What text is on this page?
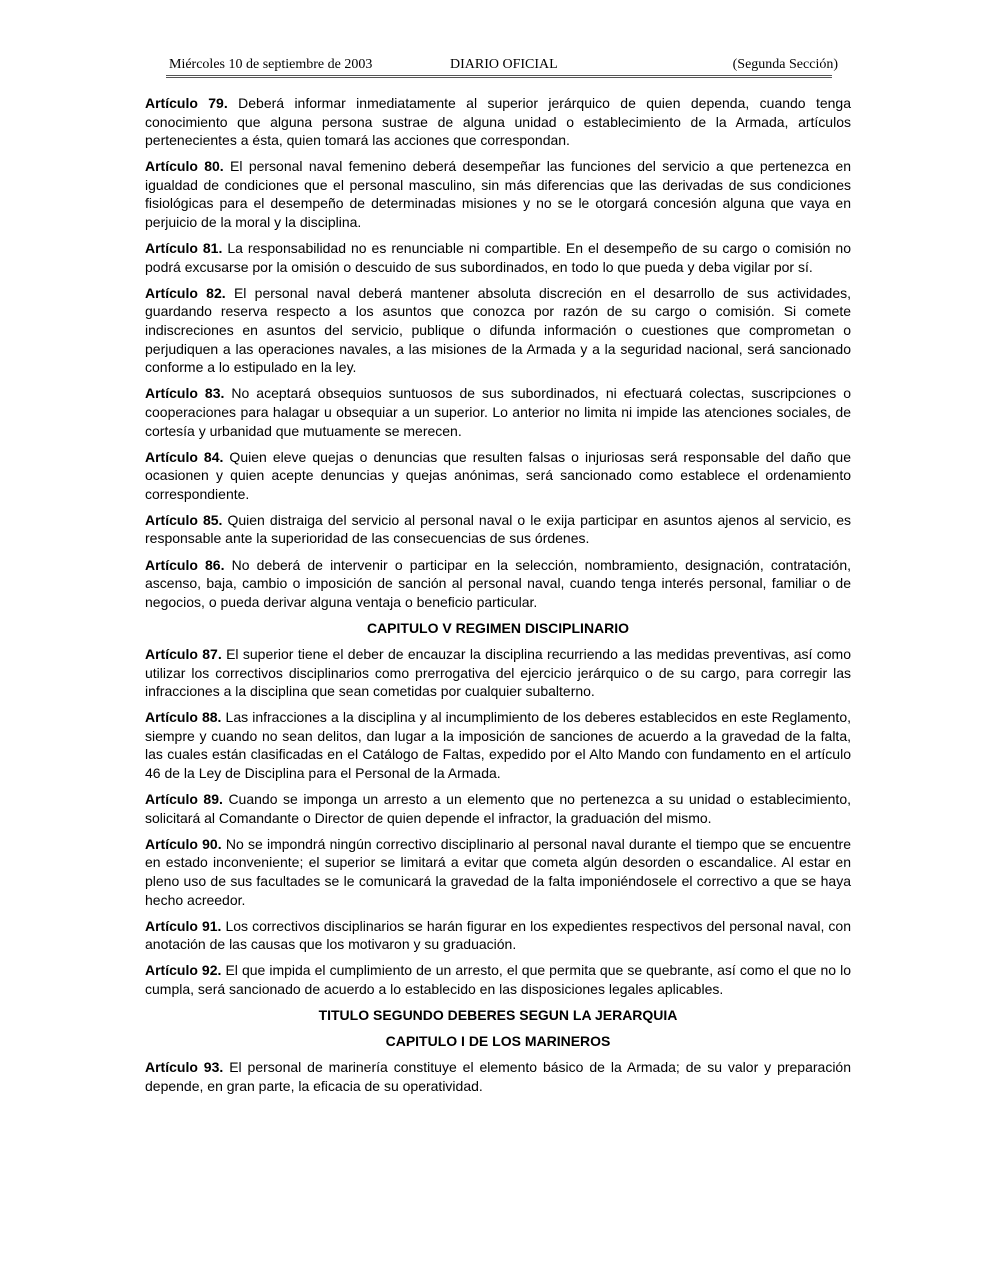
Miércoles 10 de septiembre de 2003	DIARIO OFICIAL	(Segunda Sección)

Artículo 79. Deberá informar inmediatamente al superior jerárquico de quien dependa, cuando tenga conocimiento que alguna persona sustrae de alguna unidad o establecimiento de la Armada, artículos pertenecientes a ésta, quien tomará las acciones que correspondan.

Artículo 80. El personal naval femenino deberá desempeñar las funciones del servicio a que pertenezca en igualdad de condiciones que el personal masculino, sin más diferencias que las derivadas de sus condiciones fisiológicas para el desempeño de determinadas misiones y no se le otorgará concesión alguna que vaya en perjuicio de la moral y la disciplina.

Artículo 81. La responsabilidad no es renunciable ni compartible. En el desempeño de su cargo o comisión no podrá excusarse por la omisión o descuido de sus subordinados, en todo lo que pueda y deba vigilar por sí.

Artículo 82. El personal naval deberá mantener absoluta discreción en el desarrollo de sus actividades, guardando reserva respecto a los asuntos que conozca por razón de su cargo o comisión. Si comete indiscreciones en asuntos del servicio, publique o difunda información o cuestiones que comprometan o perjudiquen a las operaciones navales, a las misiones de la Armada y a la seguridad nacional, será sancionado conforme a lo estipulado en la ley.

Artículo 83. No aceptará obsequios suntuosos de sus subordinados, ni efectuará colectas, suscripciones o cooperaciones para halagar u obsequiar a un superior. Lo anterior no limita ni impide las atenciones sociales, de cortesía y urbanidad que mutuamente se merecen.

Artículo 84. Quien eleve quejas o denuncias que resulten falsas o injuriosas será responsable del daño que ocasionen y quien acepte denuncias y quejas anónimas, será sancionado como establece el ordenamiento correspondiente.

Artículo 85. Quien distraiga del servicio al personal naval o le exija participar en asuntos ajenos al servicio, es responsable ante la superioridad de las consecuencias de sus órdenes.

Artículo 86. No deberá de intervenir o participar en la selección, nombramiento, designación, contratación, ascenso, baja, cambio o imposición de sanción al personal naval, cuando tenga interés personal, familiar o de negocios, o pueda derivar alguna ventaja o beneficio particular.

CAPITULO V REGIMEN DISCIPLINARIO

Artículo 87. El superior tiene el deber de encauzar la disciplina recurriendo a las medidas preventivas, así como utilizar los correctivos disciplinarios como prerrogativa del ejercicio jerárquico o de su cargo, para corregir las infracciones a la disciplina que sean cometidas por cualquier subalterno.

Artículo 88. Las infracciones a la disciplina y al incumplimiento de los deberes establecidos en este Reglamento, siempre y cuando no sean delitos, dan lugar a la imposición de sanciones de acuerdo a la gravedad de la falta, las cuales están clasificadas en el Catálogo de Faltas, expedido por el Alto Mando con fundamento en el artículo 46 de la Ley de Disciplina para el Personal de la Armada.

Artículo 89. Cuando se imponga un arresto a un elemento que no pertenezca a su unidad o establecimiento, solicitará al Comandante o Director de quien depende el infractor, la graduación del mismo.

Artículo 90. No se impondrá ningún correctivo disciplinario al personal naval durante el tiempo que se encuentre en estado inconveniente; el superior se limitará a evitar que cometa algún desorden o escandalice. Al estar en pleno uso de sus facultades se le comunicará la gravedad de la falta imponiéndosele el correctivo a que se haya hecho acreedor.

Artículo 91. Los correctivos disciplinarios se harán figurar en los expedientes respectivos del personal naval, con anotación de las causas que los motivaron y su graduación.

Artículo 92. El que impida el cumplimiento de un arresto, el que permita que se quebrante, así como el que no lo cumpla, será sancionado de acuerdo a lo establecido en las disposiciones legales aplicables.

TITULO SEGUNDO DEBERES SEGUN LA JERARQUIA
CAPITULO I DE LOS MARINEROS

Artículo 93. El personal de marinería constituye el elemento básico de la Armada; de su valor y preparación depende, en gran parte, la eficacia de su operatividad.
